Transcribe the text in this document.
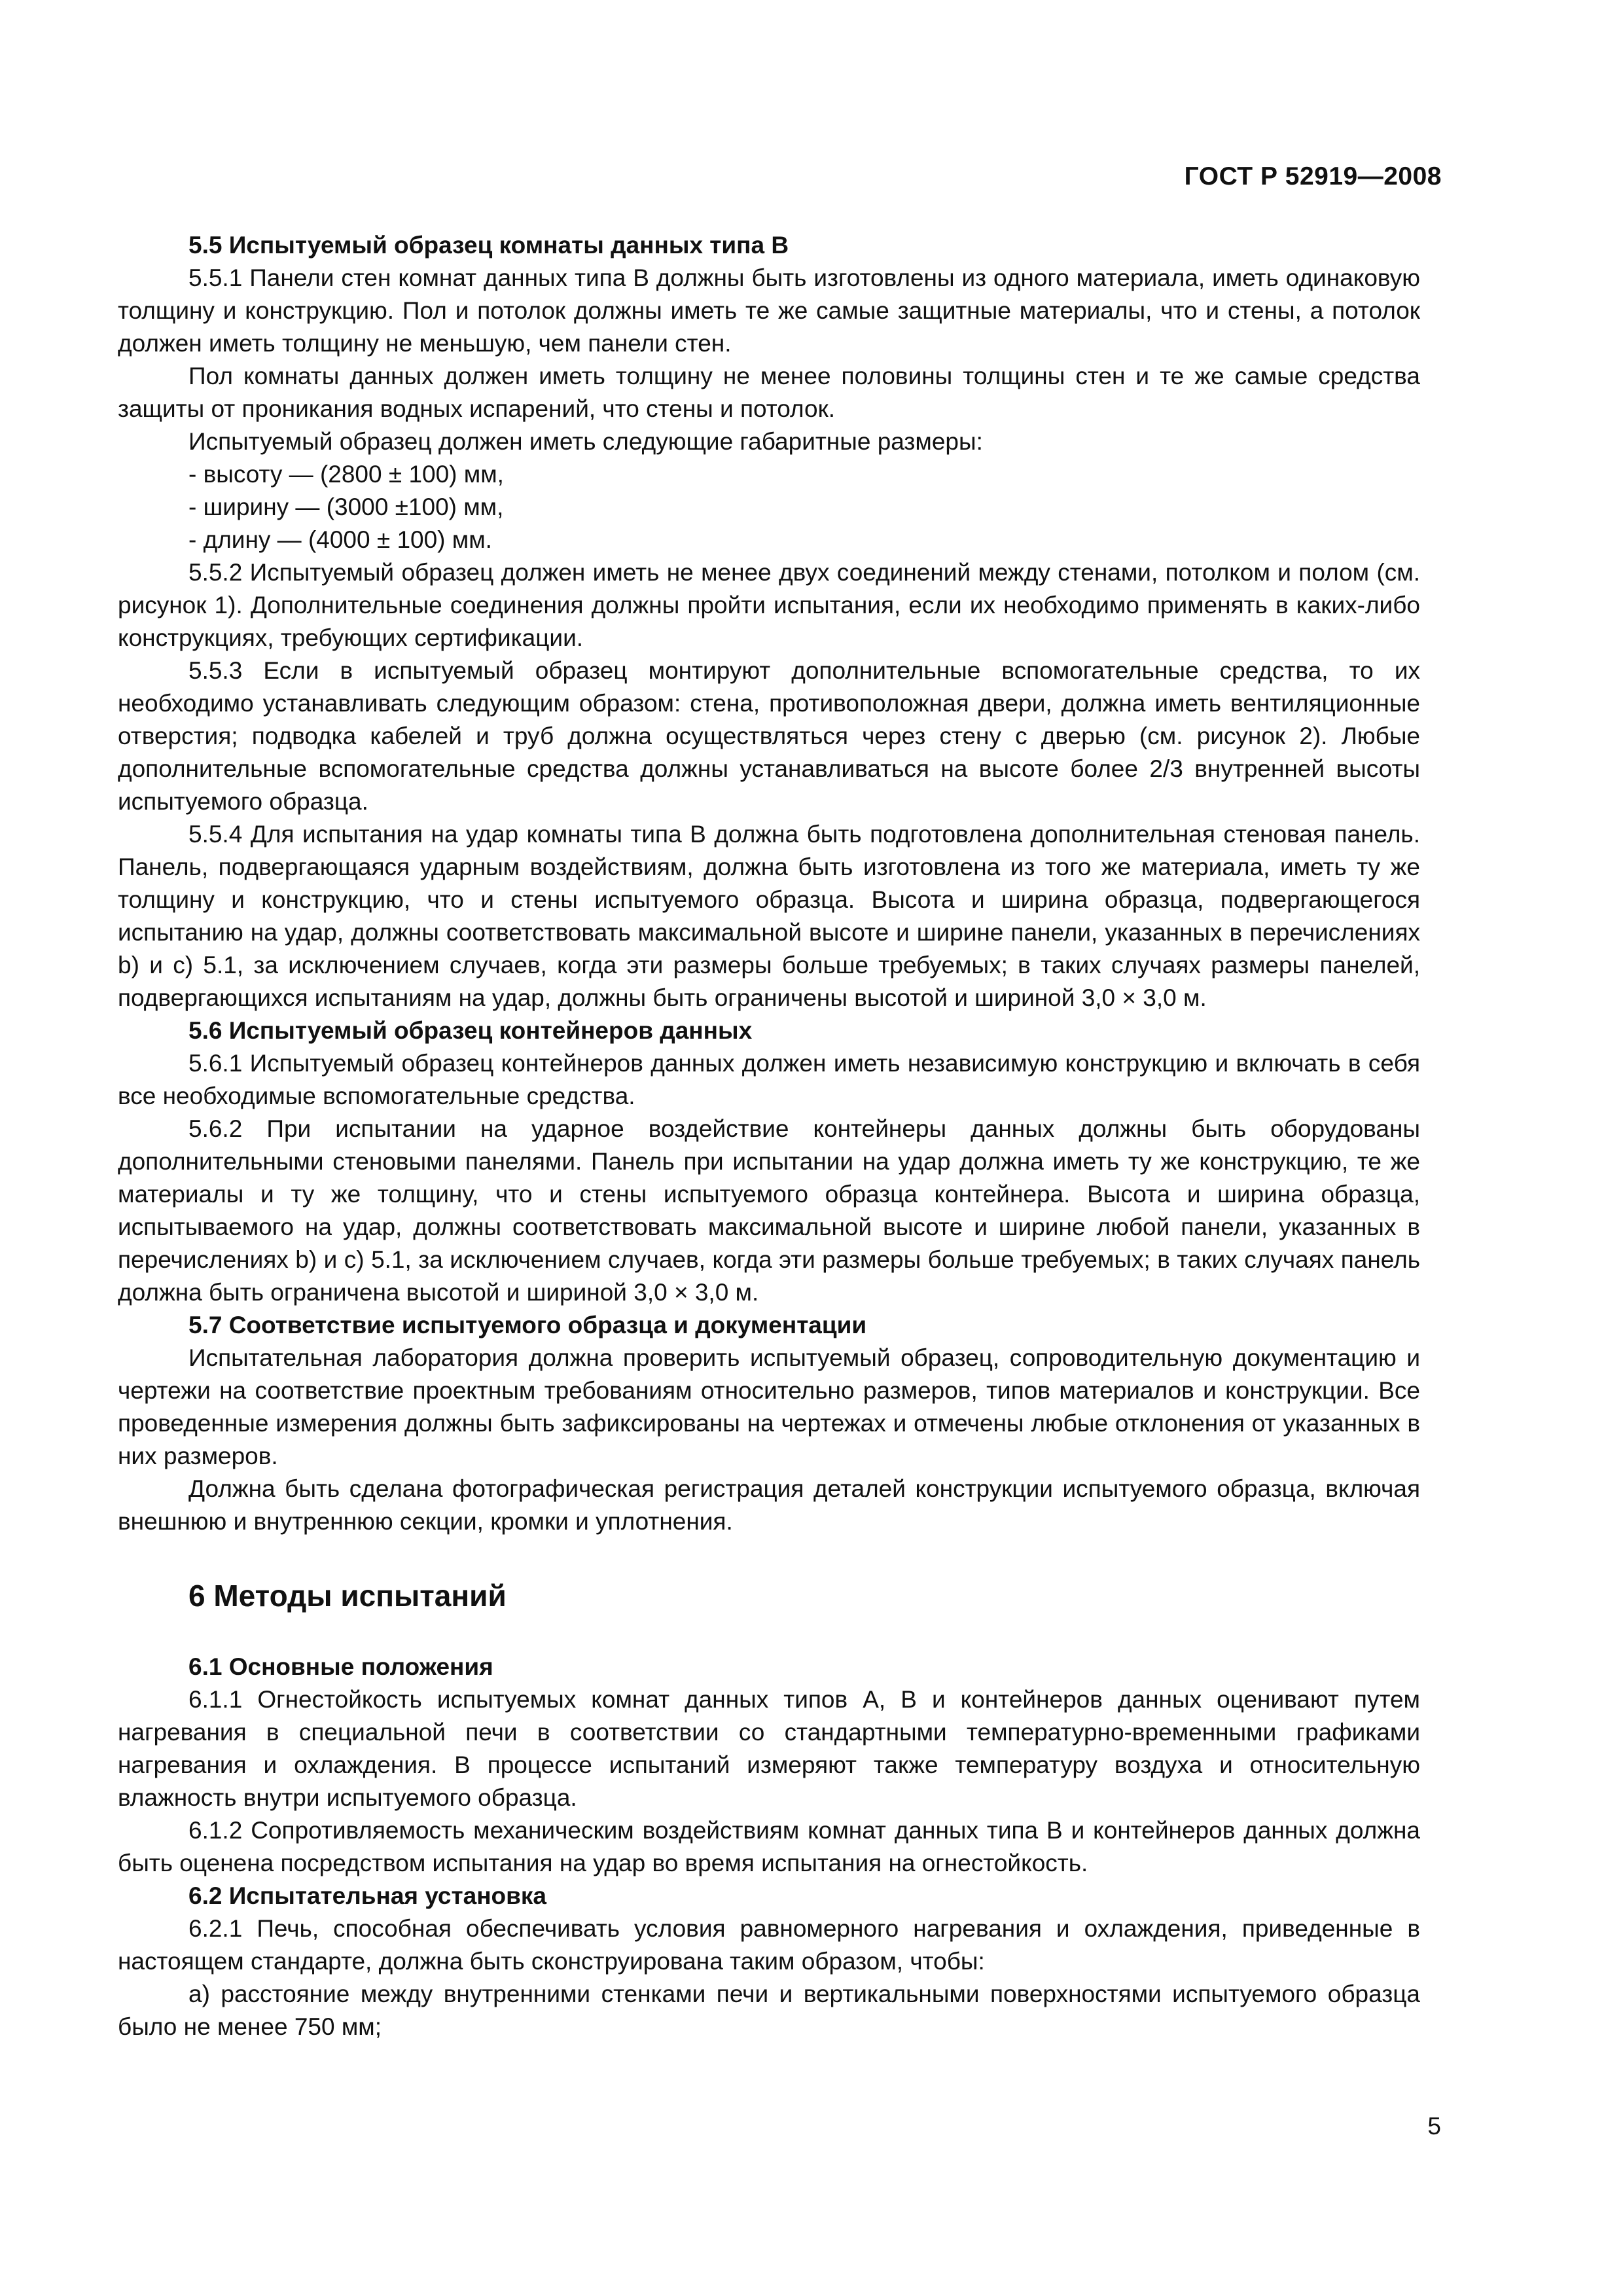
ГОСТ Р 52919—2008
5.5 Испытуемый образец комнаты данных типа В

5.5.1 Панели стен комнат данных типа В должны быть изготовлены из одного материала, иметь одинаковую толщину и конструкцию. Пол и потолок должны иметь те же самые защитные материалы, что и стены, а потолок должен иметь толщину не меньшую, чем панели стен.

Пол комнаты данных должен иметь толщину не менее половины толщины стен и те же самые средства защиты от проникания водных испарений, что стены и потолок.

Испытуемый образец должен иметь следующие габаритные размеры:

- высоту — (2800 ± 100) мм,
- ширину — (3000 ±100) мм,
- длину — (4000 ± 100) мм.

5.5.2 Испытуемый образец должен иметь не менее двух соединений между стенами, потолком и полом (см. рисунок 1). Дополнительные соединения должны пройти испытания, если их необходимо применять в каких-либо конструкциях, требующих сертификации.

5.5.3 Если в испытуемый образец монтируют дополнительные вспомогательные средства, то их необходимо устанавливать следующим образом: стена, противоположная двери, должна иметь вентиляционные отверстия; подводка кабелей и труб должна осуществляться через стену с дверью (см. рисунок 2). Любые дополнительные вспомогательные средства должны устанавливаться на высоте более 2/3 внутренней высоты испытуемого образца.

5.5.4 Для испытания на удар комнаты типа В должна быть подготовлена дополнительная стеновая панель. Панель, подвергающаяся ударным воздействиям, должна быть изготовлена из того же материала, иметь ту же толщину и конструкцию, что и стены испытуемого образца. Высота и ширина образца, подвергающегося испытанию на удар, должны соответствовать максимальной высоте и ширине панели, указанных в перечислениях b) и с) 5.1, за исключением случаев, когда эти размеры больше требуемых; в таких случаях размеры панелей, подвергающихся испытаниям на удар, должны быть ограничены высотой и шириной 3,0 × 3,0 м.

5.6 Испытуемый образец контейнеров данных

5.6.1 Испытуемый образец контейнеров данных должен иметь независимую конструкцию и включать в себя все необходимые вспомогательные средства.

5.6.2 При испытании на ударное воздействие контейнеры данных должны быть оборудованы дополнительными стеновыми панелями. Панель при испытании на удар должна иметь ту же конструкцию, те же материалы и ту же толщину, что и стены испытуемого образца контейнера. Высота и ширина образца, испытываемого на удар, должны соответствовать максимальной высоте и ширине любой панели, указанных в перечислениях b) и с) 5.1, за исключением случаев, когда эти размеры больше требуемых; в таких случаях панель должна быть ограничена высотой и шириной 3,0 × 3,0 м.

5.7 Соответствие испытуемого образца и документации

Испытательная лаборатория должна проверить испытуемый образец, сопроводительную документацию и чертежи на соответствие проектным требованиям относительно размеров, типов материалов и конструкции. Все проведенные измерения должны быть зафиксированы на чертежах и отмечены любые отклонения от указанных в них размеров.

Должна быть сделана фотографическая регистрация деталей конструкции испытуемого образца, включая внешнюю и внутреннюю секции, кромки и уплотнения.

6 Методы испытаний
6.1 Основные положения

6.1.1 Огнестойкость испытуемых комнат данных типов А, В и контейнеров данных оценивают путем нагревания в специальной печи в соответствии со стандартными температурно-временными графиками нагревания и охлаждения. В процессе испытаний измеряют также температуру воздуха и относительную влажность внутри испытуемого образца.

6.1.2 Сопротивляемость механическим воздействиям комнат данных типа В и контейнеров данных должна быть оценена посредством испытания на удар во время испытания на огнестойкость.

6.2 Испытательная установка

6.2.1 Печь, способная обеспечивать условия равномерного нагревания и охлаждения, приведенные в настоящем стандарте, должна быть сконструирована таким образом, чтобы:

а) расстояние между внутренними стенками печи и вертикальными поверхностями испытуемого образца было не менее 750 мм;

5
